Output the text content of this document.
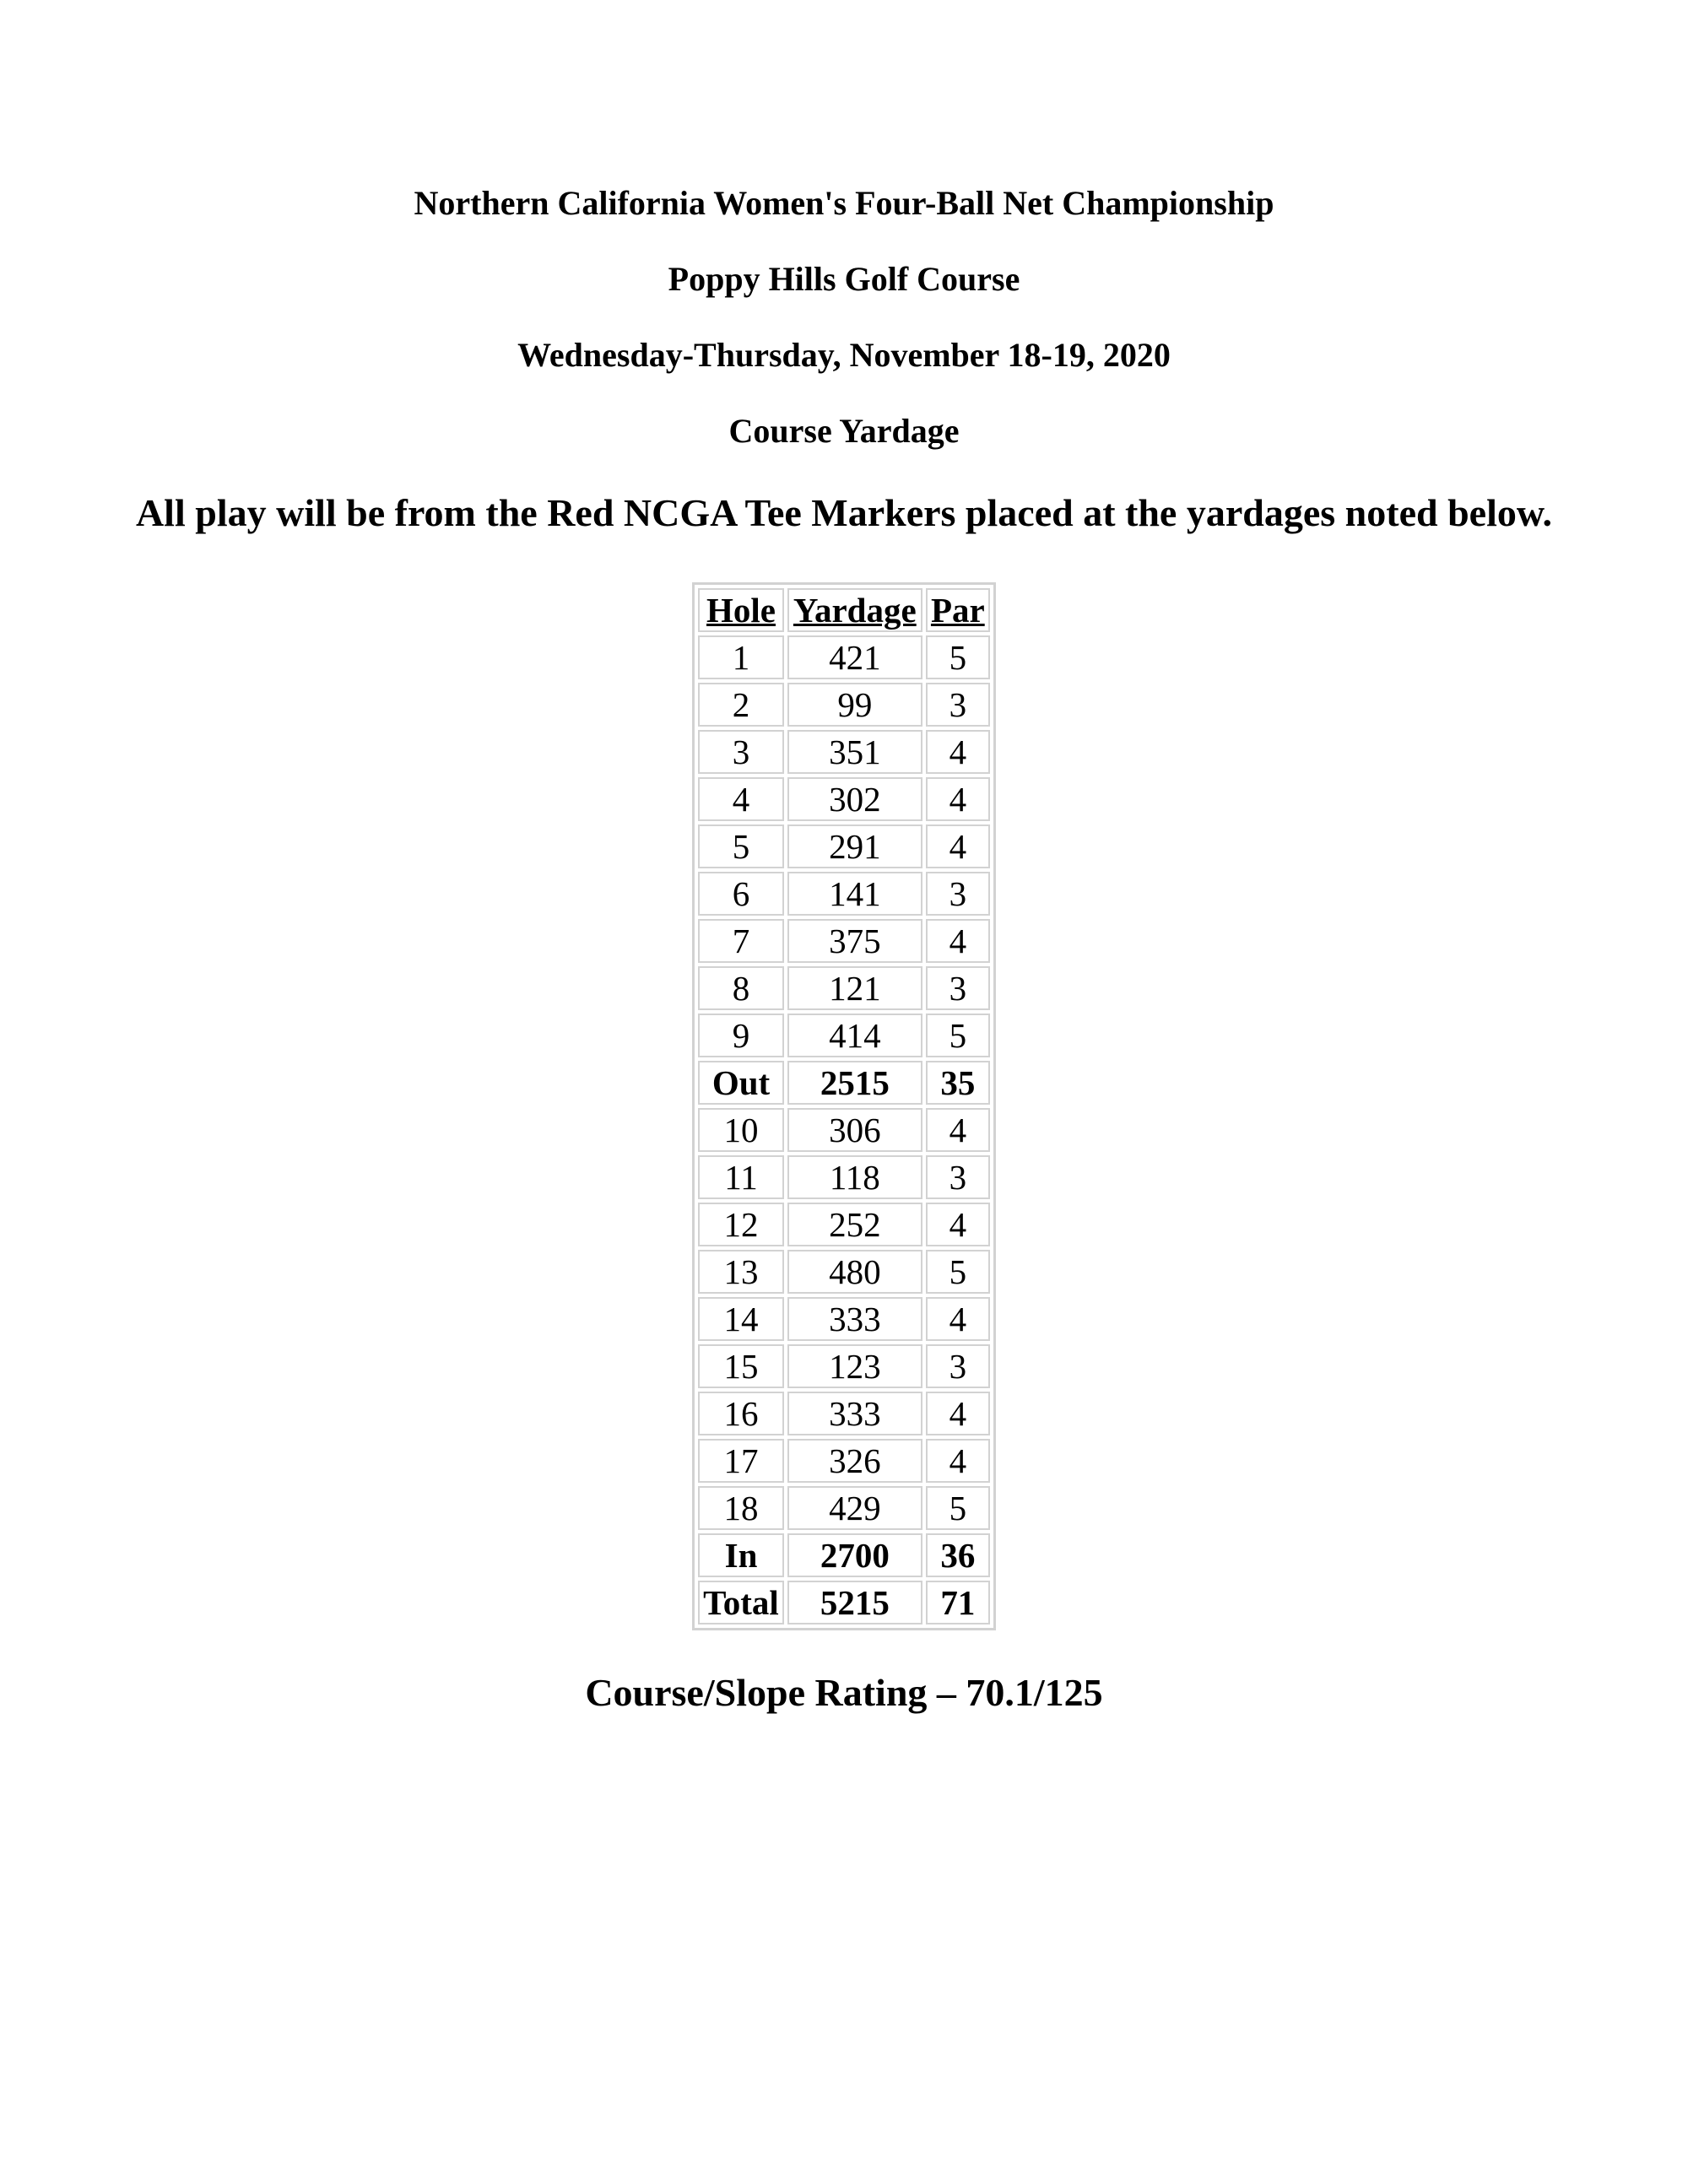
Northern California Women's Four-Ball Net Championship

Poppy Hills Golf Course

Wednesday-Thursday, November 18-19, 2020

Course Yardage

All play will be from the Red NCGA Tee Markers placed at the yardages noted below.

Hole	Yardage	Par
1	421	5
2	99	3
3	351	4
4	302	4
5	291	4
6	141	3
7	375	4
8	121	3
9	414	5
Out	2515	35
10	306	4
11	118	3
12	252	4
13	480	5
14	333	4
15	123	3
16	333	4
17	326	4
18	429	5
In	2700	36
Total	5215	71

Course/Slope Rating – 70.1/125
